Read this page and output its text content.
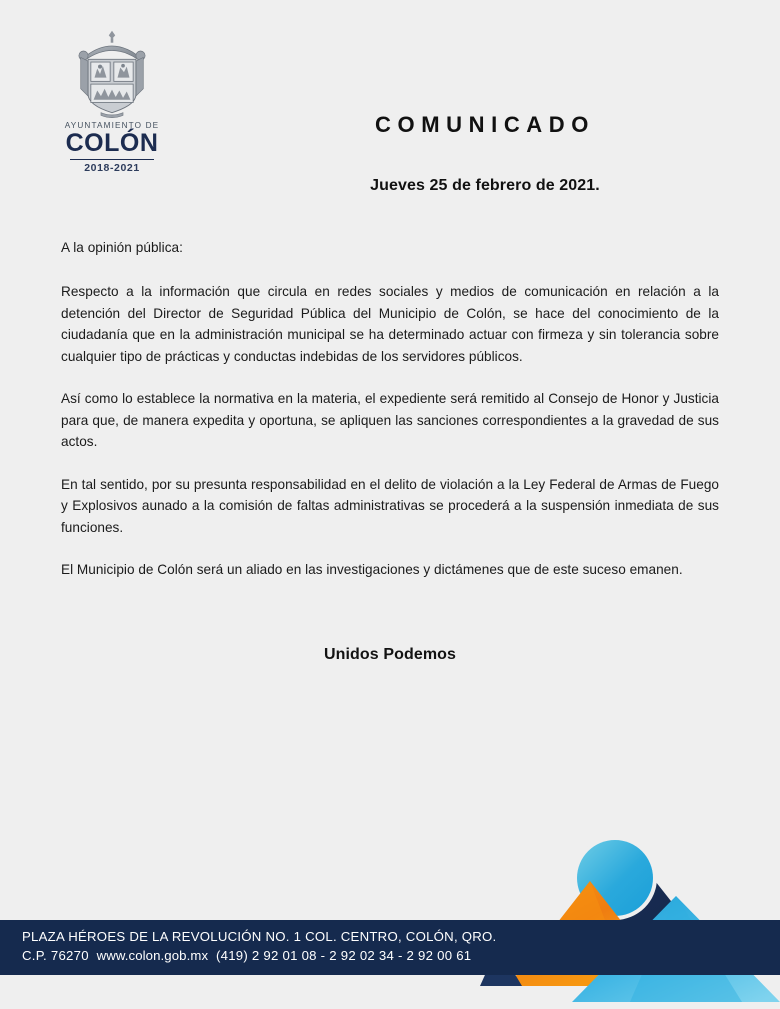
AYUNTAMIENTO DE
COLÓN
2018-2021
COMUNICADO
Jueves 25 de febrero de 2021.
A la opinión pública:

Respecto a la información que circula en redes sociales y medios de comunicación en relación a la detención del Director de Seguridad Pública del Municipio de Colón, se hace del conocimiento de la ciudadanía que en la administración municipal se ha determinado actuar con firmeza y sin tolerancia sobre cualquier tipo de prácticas y conductas indebidas de los servidores públicos.

Así como lo establece la normativa en la materia, el expediente será remitido al Consejo de Honor y Justicia para que, de manera expedita y oportuna, se apliquen las sanciones correspondientes a la gravedad de sus actos.

En tal sentido, por su presunta responsabilidad en el delito de violación a la Ley Federal de Armas de Fuego y Explosivos aunado a la comisión de faltas administrativas se procederá a la suspensión inmediata de sus funciones.

El Municipio de Colón será un aliado en las investigaciones y dictámenes que de este suceso emanen.

Unidos Podemos
PLAZA HÉROES DE LA REVOLUCIÓN NO. 1 COL. CENTRO, COLÓN, QRO.
C.P. 76270 www.colon.gob.mx (419) 2 92 01 08 - 2 92 02 34 - 2 92 00 61
